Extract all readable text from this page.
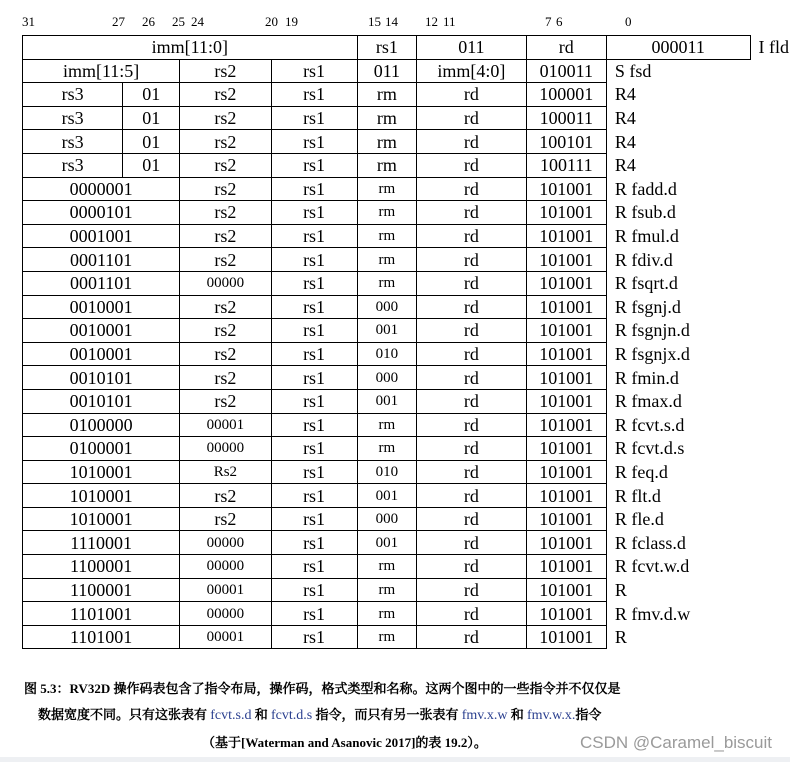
31	27 26 25 24	20 19	15 14 12 11	7 6	0
imm[11:0]				rs1	011	rd	000011	I fld
imm[11:5]		rs2	rs1	011	imm[4:0]	010011	S fsd	
rs3	01	rs2	rs1	rm	rd	100001	R4	
rs3	01	rs2	rs1	rm	rd	100011	R4	
rs3	01	rs2	rs1	rm	rd	100101	R4	
rs3	01	rs2	rs1	rm	rd	100111	R4	
0000001		rs2	rs1	rm	rd	101001	R fadd.d	
0000101		rs2	rs1	rm	rd	101001	R fsub.d	
0001001		rs2	rs1	rm	rd	101001	R fmul.d	
0001101		rs2	rs1	rm	rd	101001	R fdiv.d	
0001101		00000	rs1	rm	rd	101001	R fsqrt.d	
0010001		rs2	rs1	000	rd	101001	R fsgnj.d	
0010001		rs2	rs1	001	rd	101001	R fsgnjn.d	
0010001		rs2	rs1	010	rd	101001	R fsgnjx.d	
0010101		rs2	rs1	000	rd	101001	R fmin.d	
0010101		rs2	rs1	001	rd	101001	R fmax.d	
0100000		00001	rs1	rm	rd	101001	R fcvt.s.d	
0100001		00000	rs1	rm	rd	101001	R fcvt.d.s	
1010001		Rs2	rs1	010	rd	101001	R feq.d	
1010001		rs2	rs1	001	rd	101001	R flt.d	
1010001		rs2	rs1	000	rd	101001	R fle.d	
1110001		00000	rs1	001	rd	101001	R fclass.d	
1100001		00000	rs1	rm	rd	101001	R fcvt.w.d	
1100001		00001	rs1	rm	rd	101001	R	
1101001		00000	rs1	rm	rd	101001	R fmv.d.w	
1101001		00001	rs1	rm	rd	101001	R	
图 5.3：RV32D 操作码表包含了指令布局，操作码，格式类型和名称。这两个图中的一些指令并不仅仅是
数据宽度不同。只有这张表有 fcvt.s.d 和 fcvt.d.s 指令，而只有另一张表有 fmv.x.w 和 fmv.w.x.指令
（基于[Waterman and Asanovic 2017]的表 19.2）。	CSDN @Caramel_biscuit
